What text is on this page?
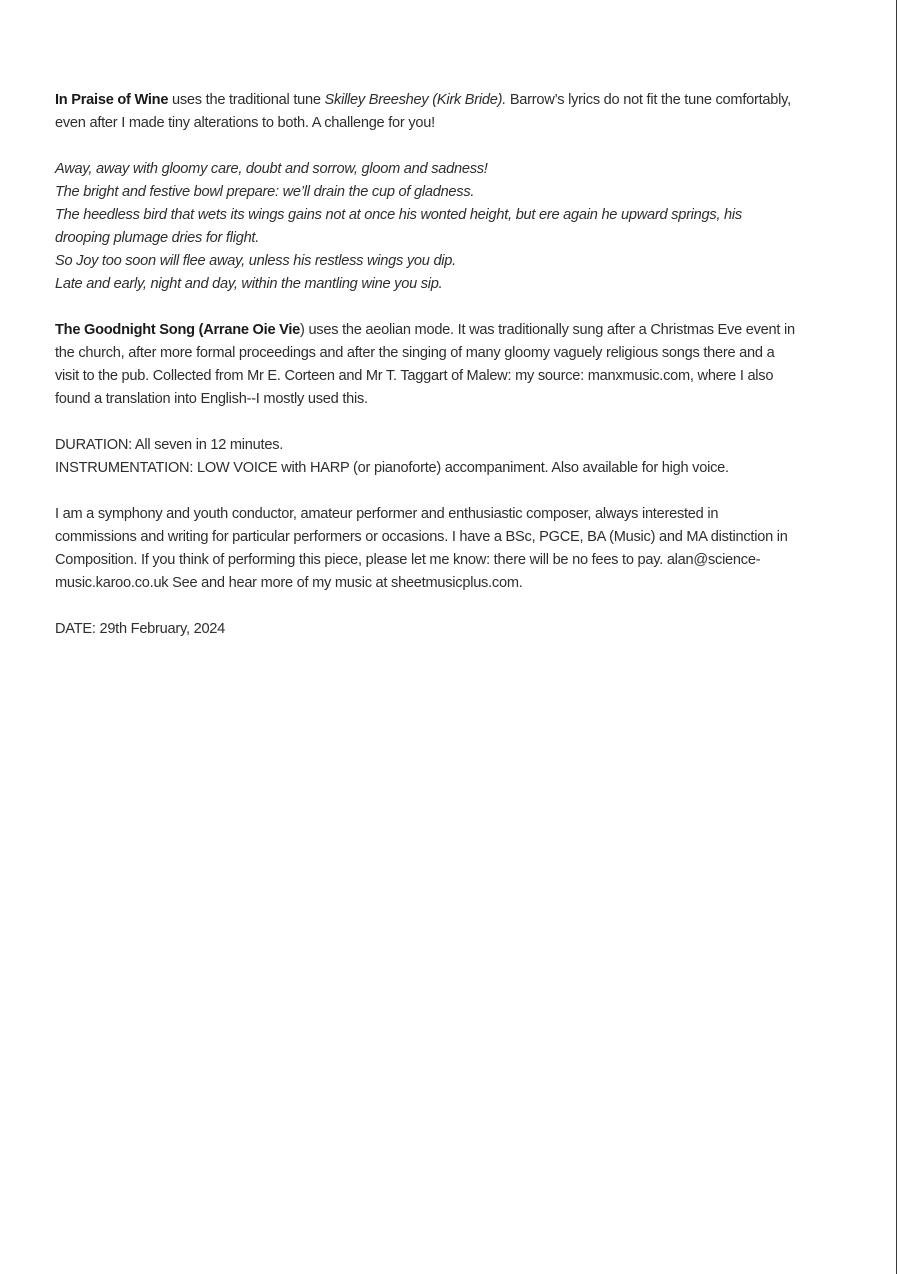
In Praise of Wine uses the traditional tune Skilley Breeshey (Kirk Bride). Barrow’s lyrics do not fit the tune comfortably, even after I made tiny alterations to both. A challenge for you!

Away, away with gloomy care, doubt and sorrow, gloom and sadness!

The bright and festive bowl prepare: we’ll drain the cup of gladness.

The heedless bird that wets its wings gains not at once his wonted height, but ere again he upward springs, his drooping plumage dries for flight.

So Joy too soon will flee away, unless his restless wings you dip.

Late and early, night and day, within the mantling wine you sip.

The Goodnight Song (Arrane Oie Vie) uses the aeolian mode. It was traditionally sung after a Christmas Eve event in the church, after more formal proceedings and after the singing of many gloomy vaguely religious songs there and a visit to the pub. Collected from Mr E. Corteen and Mr T. Taggart of Malew: my source: manxmusic.com, where I also found a translation into English--I mostly used this.

DURATION: All seven in 12 minutes.
INSTRUMENTATION: LOW VOICE with HARP (or pianoforte) accompaniment. Also available for high voice.

I am a symphony and youth conductor, amateur performer and enthusiastic composer, always interested in commissions and writing for particular performers or occasions. I have a BSc, PGCE, BA (Music) and MA distinction in Composition. If you think of performing this piece, please let me know: there will be no fees to pay. alan@science-music.karoo.co.uk See and hear more of my music at sheetmusicplus.com.

DATE: 29th February, 2024
